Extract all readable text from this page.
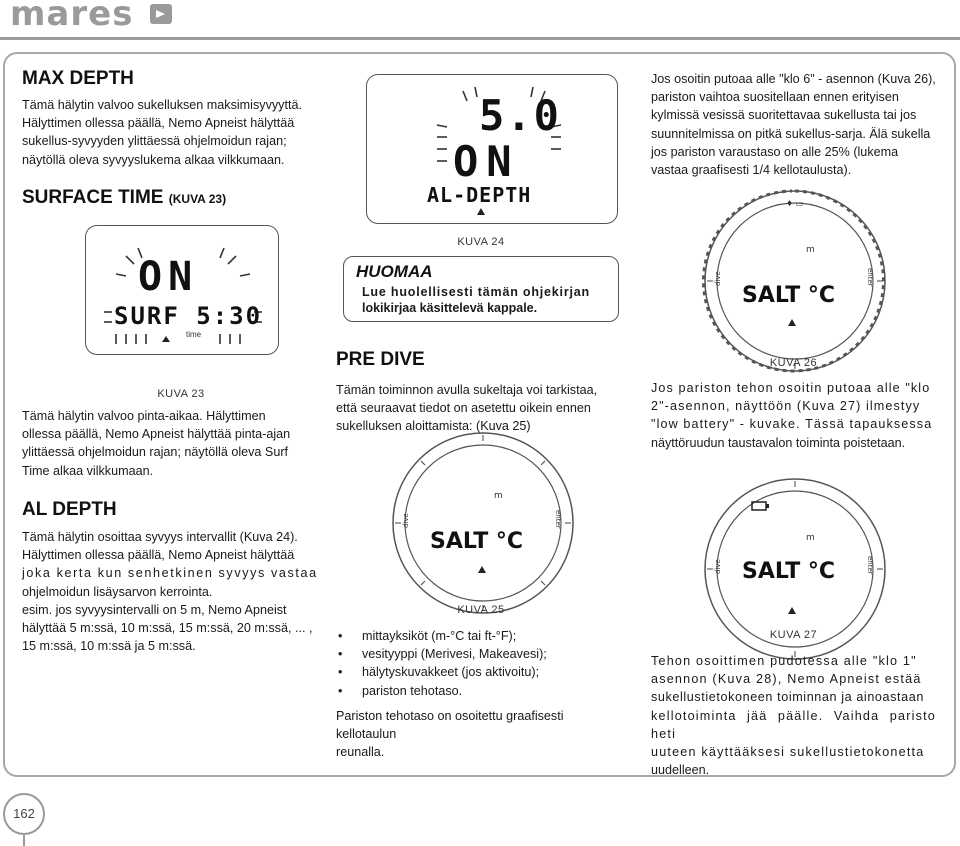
mares
MAX DEPTH
Tämä hälytin valvoo sukelluksen maksimisyvyyttä.
Hälyttimen ollessa päällä, Nemo Apneist hälyttää
sukellus-syvyyden ylittäessä ohjelmoidun rajan;
näytöllä oleva syvyyslukema alkaa vilkkumaan.
SURFACE TIME (KUVA 23)
ON
SURF 5:30
time
KUVA 23
Tämä hälytin valvoo pinta-aikaa. Hälyttimen
ollessa päällä, Nemo Apneist hälyttää pinta-ajan
ylittäessä ohjelmoidun rajan; näytöllä oleva Surf
Time alkaa vilkkumaan.
AL DEPTH
Tämä hälytin osoittaa syvyys intervallit (Kuva 24).
Hälyttimen ollessa päällä, Nemo Apneist hälyttää
joka kerta kun senhetkinen syvyys vastaa
ohjelmoidun lisäysarvon kerrointa.
esim. jos syvyysintervalli on 5 m, Nemo Apneist
hälyttää 5 m:ssä, 10 m:ssä, 15 m:ssä, 20 m:ssä, ... ,
15 m:ssä, 10 m:ssä ja 5 m:ssä.
5.0
ON
AL-DEPTH
KUVA 24
HUOMAA
Lue huolellisesti tämän ohjekirjan
lokikirjaa käsittelevä kappale.
PRE DIVE
Tämän toiminnon avulla sukeltaja voi tarkistaa,
että seuraavat tiedot on asetettu oikein ennen
sukelluksen aloittamista: (Kuva 25)
m
dive	enter
SALT °C
KUVA 25
• mittayksiköt (m-°C tai ft-°F);
• vesityyppi (Merivesi, Makeavesi);
• hälytyskuvakkeet (jos aktivoitu);
• pariston tehotaso.
Pariston tehotaso on osoitettu graafisesti kellotaulun
reunalla.
Jos osoitin putoaa alle "klo 6" - asennon (Kuva 26),
pariston vaihtoa suositellaan ennen erityisen
kylmissä vesissä suoritettavaa sukellusta tai jos
suunnitelmissa on pitkä sukellus-sarja. Älä sukella
jos pariston varaustaso on alle 25% (lukema
vastaa graafisesti 1/4 kellotaulusta).
♦ ▭
m
dive	enter
SALT °C
KUVA 26
Jos pariston tehon osoitin putoaa alle "klo
2"-asennon, näyttöön (Kuva 27) ilmestyy
"low battery" - kuvake. Tässä tapauksessa
näyttöruudun taustavalon toiminta poistetaan.
m
dive	enter
SALT °C
KUVA 27
Tehon osoittimen pudotessa alle "klo 1"
asennon (Kuva 28), Nemo Apneist estää
sukellustietokoneen toiminnan ja ainoastaan
kellotoiminta jää päälle. Vaihda paristo heti
uuteen käyttääksesi sukellustietokonetta
uudelleen.
162
